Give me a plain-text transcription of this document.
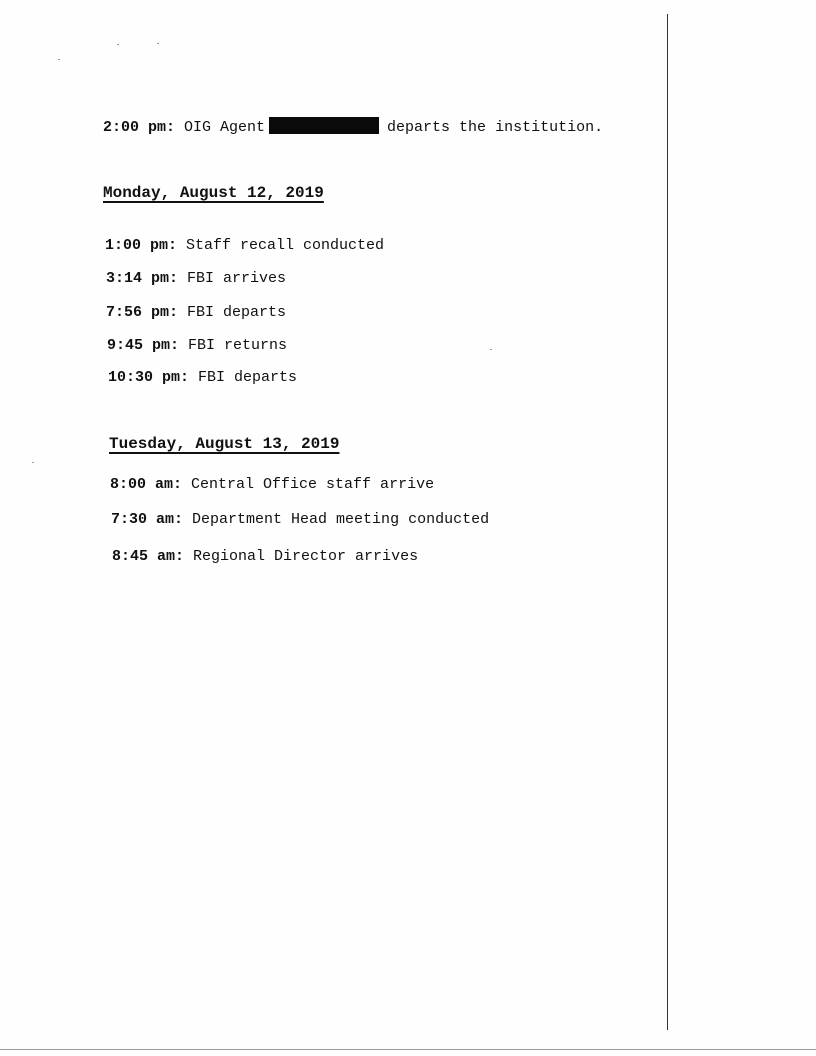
2:00 pm: OIG Agent	departs the institution.
Monday, August 12, 2019
1:00 pm: Staff recall conducted
3:14 pm: FBI arrives
7:56 pm: FBI departs
9:45 pm: FBI returns
10:30 pm: FBI departs
Tuesday, August 13, 2019
8:00 am: Central Office staff arrive
7:30 am: Department Head meeting conducted
8:45 am: Regional Director arrives
